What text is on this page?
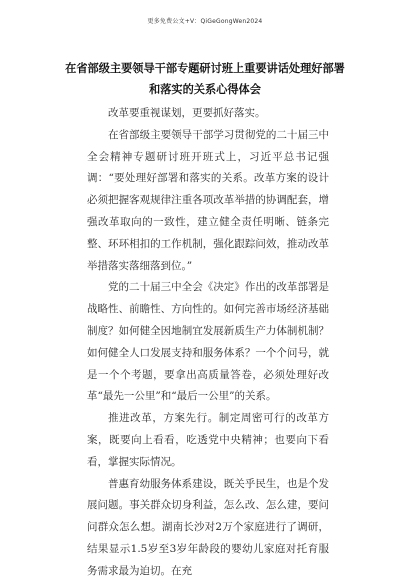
更多免费公文+V：QiGeGongWen2024
在省部级主要领导干部专题研讨班上重要讲话处理好部署
和落实的关系心得体会

改革要重视谋划，更要抓好落实。

在省部级主要领导干部学习贯彻党的二十届三中全会精神专题研讨班开班式上，习近平总书记强调：“要处理好部署和落实的关系。改革方案的设计必须把握客观规律注重各项改革举措的协调配套，增强改革取向的一致性，建立健全责任明晰、链条完整、环环相扣的工作机制，强化跟踪问效，推动改革举措落实落细落到位。”

党的二十届三中全会《决定》作出的改革部署是战略性、前瞻性、方向性的。如何完善市场经济基础制度？如何健全因地制宜发展新质生产力体制机制？如何健全人口发展支持和服务体系？一个个问号，就是一个个考题，要拿出高质量答卷，必须处理好改革“最先一公里”和“最后一公里”的关系。

推进改革，方案先行。制定周密可行的改革方案，既要向上看看，吃透党中央精神；也要向下看看，掌握实际情况。

普惠育幼服务体系建设，既关乎民生，也是个发展问题。事关群众切身利益，怎么改、怎么建，要问问群众怎么想。湖南长沙对2万个家庭进行了调研，结果显示1.5岁至3岁年龄段的婴幼儿家庭对托育服务需求最为迫切。在充
